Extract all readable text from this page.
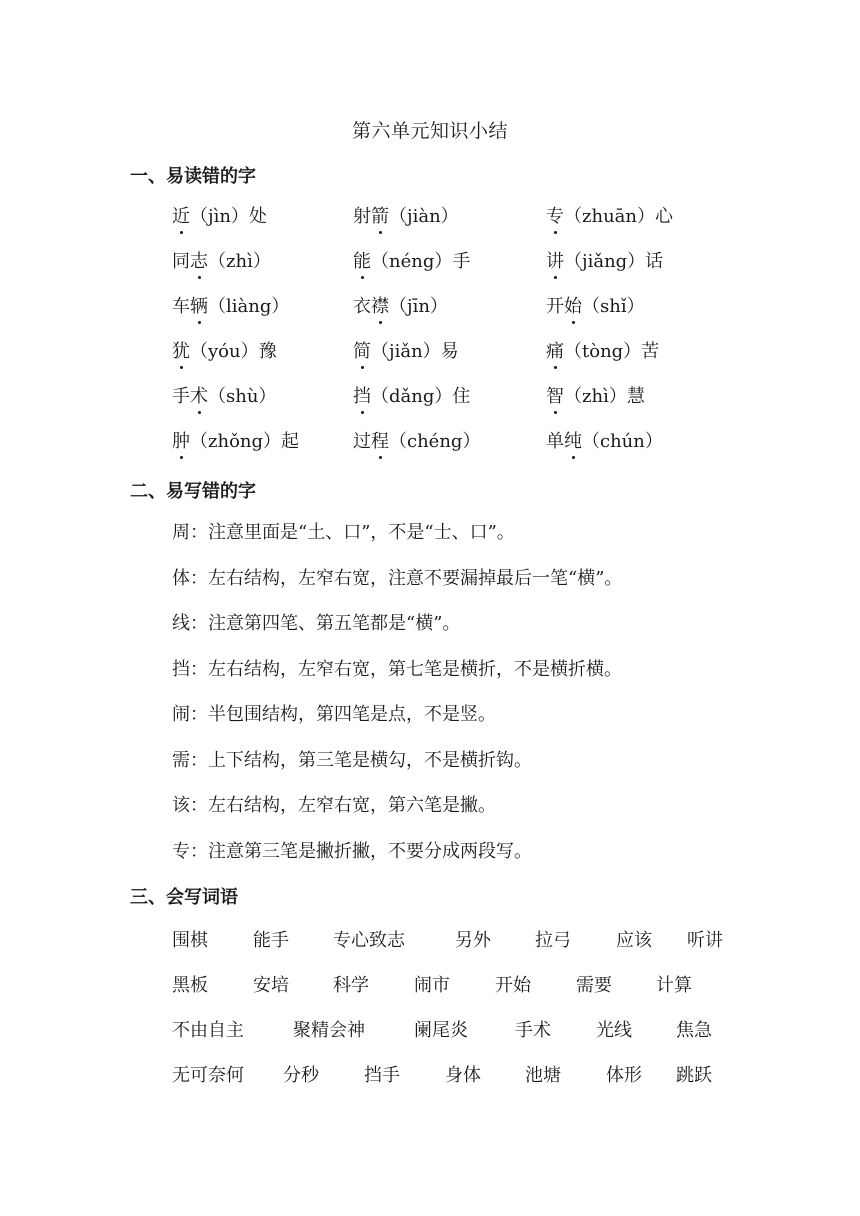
第六单元知识小结
一、易读错的字
近（jìn）处	射箭（jiàn）	专（zhuān）心
同志（zhì）	能（néng）手	讲（jiǎng）话
车辆（liàng）	衣襟（jīn）	开始（shǐ）
犹（yóu）豫	简（jiǎn）易	痛（tòng）苦
手术（shù）	挡（dǎng）住	智（zhì）慧
肿（zhǒng）起	过程（chéng）	单纯（chún）
二、易写错的字
周：注意里面是“土、口”，不是“士、口”。
体：左右结构，左窄右宽，注意不要漏掉最后一笔“横”。
线：注意第四笔、第五笔都是“横”。
挡：左右结构，左窄右宽，第七笔是横折，不是横折横。
闹：半包围结构，第四笔是点，不是竖。
需：上下结构，第三笔是横勾，不是横折钩。
该：左右结构，左窄右宽，第六笔是撇。
专：注意第三笔是撇折撇，不要分成两段写。
三、会写词语
围棋	能手 专心致志	另外 拉弓	应该 听讲
黑板	安培 科学	闹市	开始	需要 计算
不由自主	聚精会神	阑尾炎	手术	光线 焦急
无可奈何 分秒	挡手	身体 池塘	体形 跳跃
